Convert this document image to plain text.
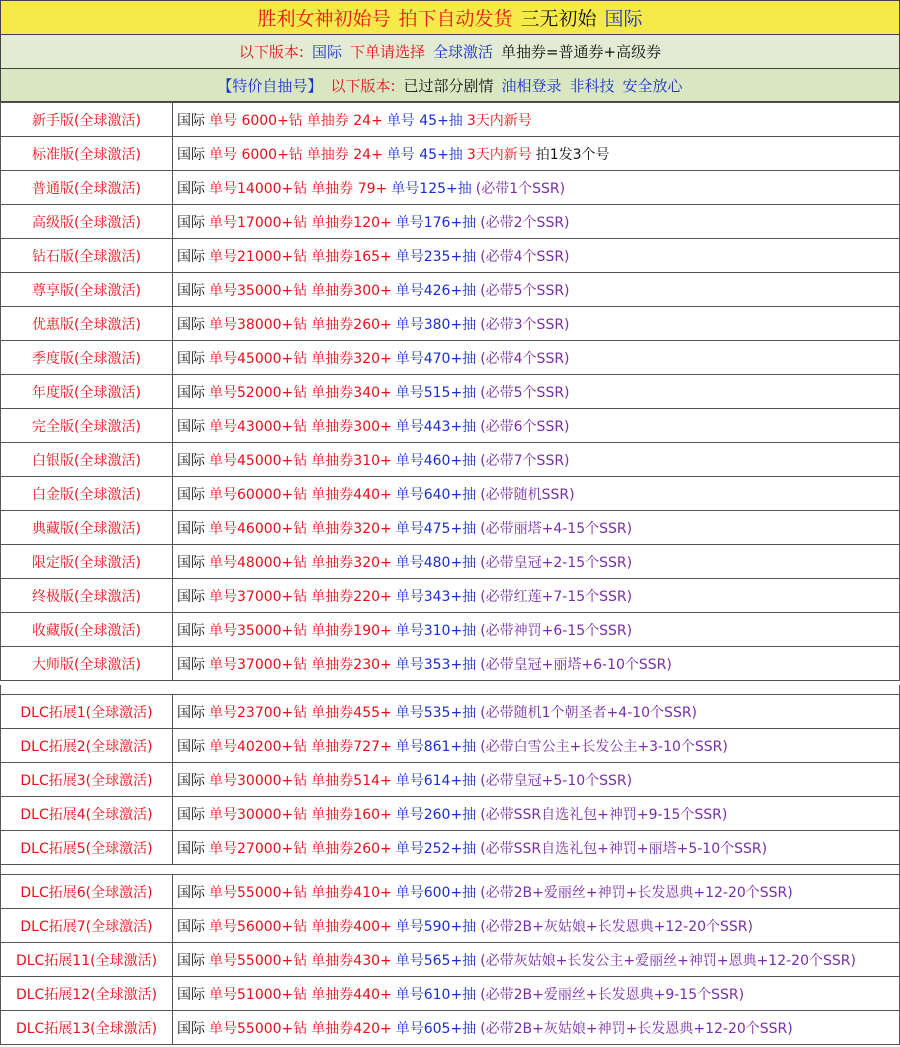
胜利女神初始号 拍下自动发货 三无初始 国际
以下版本: 国际 下单请选择 全球激活 单抽券=普通券+高级券
【特价自抽号】 以下版本: 已过部分剧情 油相登录 非科技 安全放心
新手版(全球激活)	国际 单号 6000+钻 单抽券 24+ 单号 45+抽 3天内新号
标准版(全球激活)	国际 单号 6000+钻 单抽券 24+ 单号 45+抽 3天内新号 拍1发3个号
普通版(全球激活)	国际 单号14000+钻 单抽券 79+ 单号125+抽 (必带1个SSR)
高级版(全球激活)	国际 单号17000+钻 单抽券120+ 单号176+抽 (必带2个SSR)
钻石版(全球激活)	国际 单号21000+钻 单抽券165+ 单号235+抽 (必带4个SSR)
尊享版(全球激活)	国际 单号35000+钻 单抽券300+ 单号426+抽 (必带5个SSR)
优惠版(全球激活)	国际 单号38000+钻 单抽券260+ 单号380+抽 (必带3个SSR)
季度版(全球激活)	国际 单号45000+钻 单抽券320+ 单号470+抽 (必带4个SSR)
年度版(全球激活)	国际 单号52000+钻 单抽券340+ 单号515+抽 (必带5个SSR)
完全版(全球激活)	国际 单号43000+钻 单抽券300+ 单号443+抽 (必带6个SSR)
白银版(全球激活)	国际 单号45000+钻 单抽券310+ 单号460+抽 (必带7个SSR)
白金版(全球激活)	国际 单号60000+钻 单抽券440+ 单号640+抽 (必带随机SSR)
典藏版(全球激活)	国际 单号46000+钻 单抽券320+ 单号475+抽 (必带丽塔+4-15个SSR)
限定版(全球激活)	国际 单号48000+钻 单抽券320+ 单号480+抽 (必带皇冠+2-15个SSR)
终极版(全球激活)	国际 单号37000+钻 单抽券220+ 单号343+抽 (必带红莲+7-15个SSR)
收藏版(全球激活)	国际 单号35000+钻 单抽券190+ 单号310+抽 (必带神罚+6-15个SSR)
大师版(全球激活)	国际 单号37000+钻 单抽券230+ 单号353+抽 (必带皇冠+丽塔+6-10个SSR)
DLC拓展1(全球激活)	国际 单号23700+钻 单抽券455+ 单号535+抽 (必带随机1个朝圣者+4-10个SSR)
DLC拓展2(全球激活)	国际 单号40200+钻 单抽券727+ 单号861+抽 (必带白雪公主+长发公主+3-10个SSR)
DLC拓展3(全球激活)	国际 单号30000+钻 单抽券514+ 单号614+抽 (必带皇冠+5-10个SSR)
DLC拓展4(全球激活)	国际 单号30000+钻 单抽券160+ 单号260+抽 (必带SSR自选礼包+神罚+9-15个SSR)
DLC拓展5(全球激活)	国际 单号27000+钻 单抽券260+ 单号252+抽 (必带SSR自选礼包+神罚+丽塔+5-10个SSR)
DLC拓展6(全球激活)	国际 单号55000+钻 单抽券410+ 单号600+抽 (必带2B+爱丽丝+神罚+长发恩典+12-20个SSR)
DLC拓展7(全球激活)	国际 单号56000+钻 单抽券400+ 单号590+抽 (必带2B+灰姑娘+长发恩典+12-20个SSR)
DLC拓展11(全球激活)	国际 单号55000+钻 单抽券430+ 单号565+抽 (必带灰姑娘+长发公主+爱丽丝+神罚+恩典+12-20个SSR)
DLC拓展12(全球激活)	国际 单号51000+钻 单抽券440+ 单号610+抽 (必带2B+爱丽丝+长发恩典+9-15个SSR)
DLC拓展13(全球激活)	国际 单号55000+钻 单抽券420+ 单号605+抽 (必带2B+灰姑娘+神罚+长发恩典+12-20个SSR)
